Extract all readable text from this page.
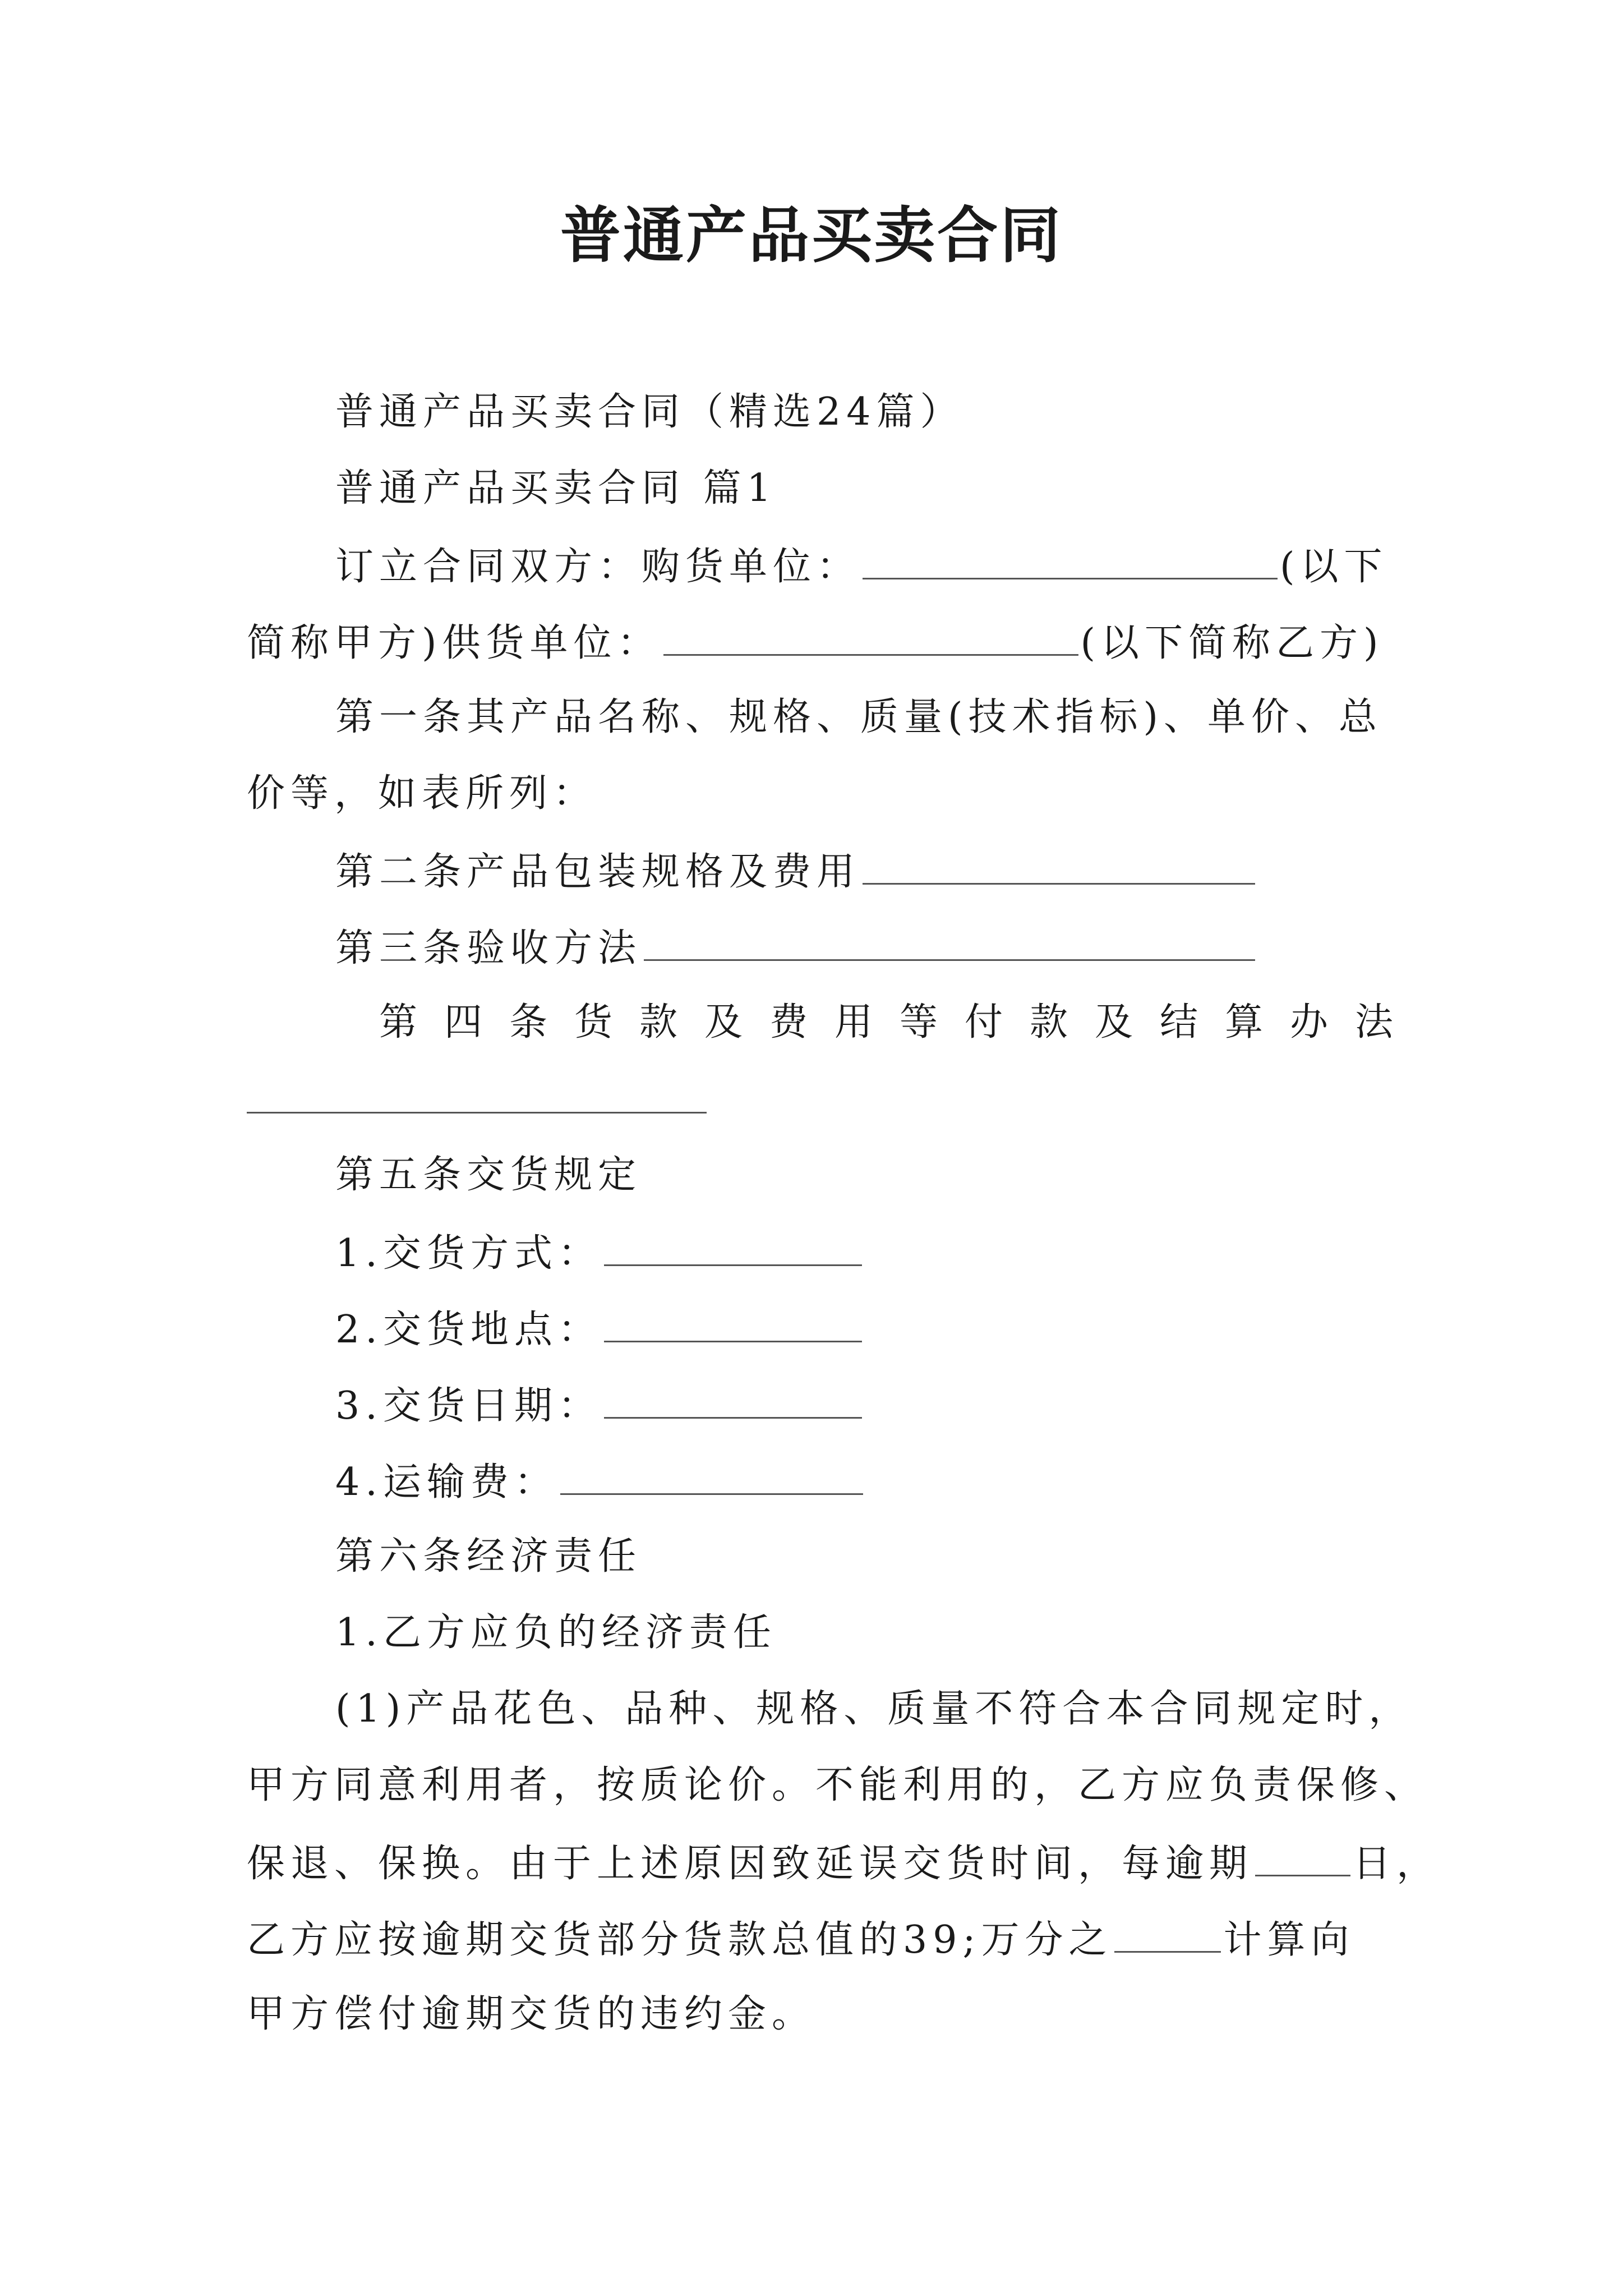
普通产品买卖合同
普通产品买卖合同（精选24篇）
普通产品买卖合同 篇1
订立合同双方：购货单位：	(以下
简称甲方)供货单位：	(以下简称乙方)
第一条其产品名称、规格、质量(技术指标)、单价、总
价等，如表所列：
第二条产品包装规格及费用
第三条验收方法
第四条货款及费用等付款及结算办法
第五条交货规定
1.交货方式：
2.交货地点：
3.交货日期：
4.运输费：
第六条经济责任
1.乙方应负的经济责任
(1)产品花色、品种、规格、质量不符合本合同规定时，
甲方同意利用者，按质论价。不能利用的，乙方应负责保修、
保退、保换。由于上述原因致延误交货时间，每逾期	日，
乙方应按逾期交货部分货款总值的39;万分之	计算向
甲方偿付逾期交货的违约金。
